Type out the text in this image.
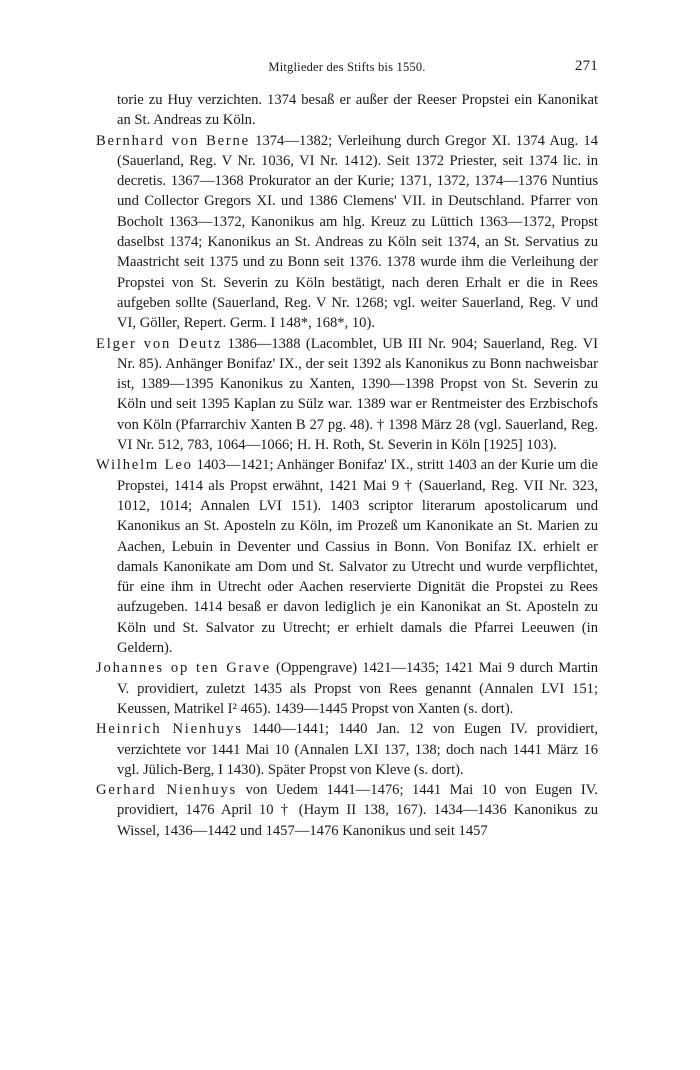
Mitglieder des Stifts bis 1550.	271

torie zu Huy verzichten. 1374 besaß er außer der Reeser Propstei ein Kanonikat an St. Andreas zu Köln.

Bernhard von Berne 1374—1382; Verleihung durch Gregor XI. 1374 Aug. 14 (Sauerland, Reg. V Nr. 1036, VI Nr. 1412). Seit 1372 Priester, seit 1374 lic. in decretis. 1367—1368 Prokurator an der Kurie; 1371, 1372, 1374—1376 Nuntius und Collector Gregors XI. und 1386 Clemens' VII. in Deutschland. Pfarrer von Bocholt 1363—1372, Kanonikus am hlg. Kreuz zu Lüttich 1363—1372, Propst daselbst 1374; Kanonikus an St. Andreas zu Köln seit 1374, an St. Servatius zu Maastricht seit 1375 und zu Bonn seit 1376. 1378 wurde ihm die Verleihung der Propstei von St. Severin zu Köln bestätigt, nach deren Erhalt er die in Rees aufgeben sollte (Sauerland, Reg. V Nr. 1268; vgl. weiter Sauerland, Reg. V und VI, Göller, Repert. Germ. I 148*, 168*, 10).

Elger von Deutz 1386—1388 (Lacomblet, UB III Nr. 904; Sauerland, Reg. VI Nr. 85). Anhänger Bonifaz' IX., der seit 1392 als Kanonikus zu Bonn nachweisbar ist, 1389—1395 Kanonikus zu Xanten, 1390—1398 Propst von St. Severin zu Köln und seit 1395 Kaplan zu Sülz war. 1389 war er Rentmeister des Erzbischofs von Köln (Pfarrarchiv Xanten B 27 pg. 48). † 1398 März 28 (vgl. Sauerland, Reg. VI Nr. 512, 783, 1064—1066; H. H. Roth, St. Severin in Köln [1925] 103).

Wilhelm Leo 1403—1421; Anhänger Bonifaz' IX., stritt 1403 an der Kurie um die Propstei, 1414 als Propst erwähnt, 1421 Mai 9 † (Sauerland, Reg. VII Nr. 323, 1012, 1014; Annalen LVI 151). 1403 scriptor literarum apostolicarum und Kanonikus an St. Aposteln zu Köln, im Prozeß um Kanonikate an St. Marien zu Aachen, Lebuin in Deventer und Cassius in Bonn. Von Bonifaz IX. erhielt er damals Kanonikate am Dom und St. Salvator zu Utrecht und wurde verpflichtet, für eine ihm in Utrecht oder Aachen reservierte Dignität die Propstei zu Rees aufzugeben. 1414 besaß er davon lediglich je ein Kanonikat an St. Aposteln zu Köln und St. Salvator zu Utrecht; er erhielt damals die Pfarrei Leeuwen (in Geldern).

Johannes op ten Grave (Oppengrave) 1421—1435; 1421 Mai 9 durch Martin V. providiert, zuletzt 1435 als Propst von Rees genannt (Annalen LVI 151; Keussen, Matrikel I² 465). 1439—1445 Propst von Xanten (s. dort).

Heinrich Nienhuys 1440—1441; 1440 Jan. 12 von Eugen IV. providiert, verzichtete vor 1441 Mai 10 (Annalen LXI 137, 138; doch nach 1441 März 16 vgl. Jülich-Berg, I 1430). Später Propst von Kleve (s. dort).

Gerhard Nienhuys von Uedem 1441—1476; 1441 Mai 10 von Eugen IV. providiert, 1476 April 10 † (Haym II 138, 167). 1434—1436 Kanonikus zu Wissel, 1436—1442 und 1457—1476 Kanonikus und seit 1457
